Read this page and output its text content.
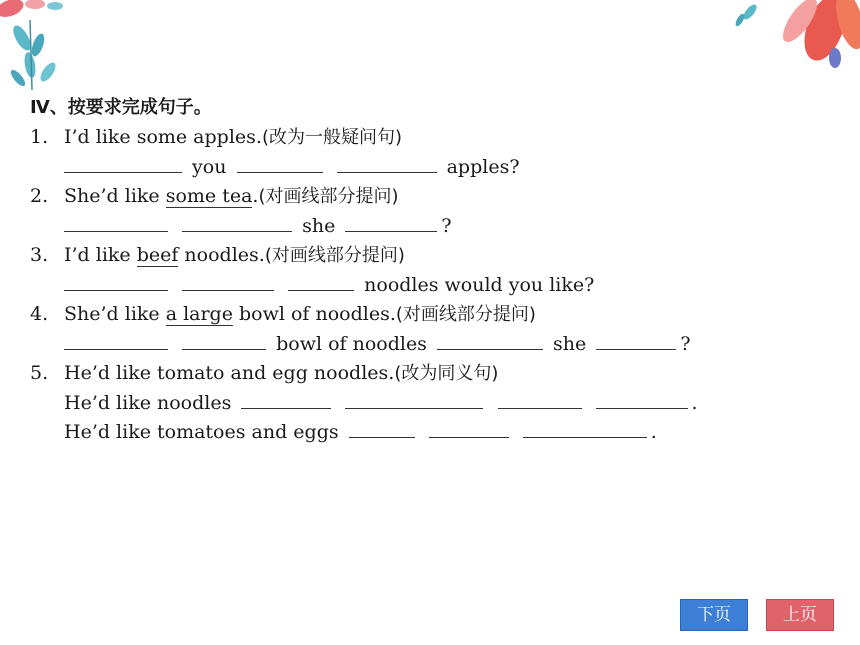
Ⅳ、按要求完成句子。
1. I’d like some apples.(改为一般疑问句)
you	apples?
2. She’d like some tea.(对画线部分提问)
she	?
3. I’d like beef noodles.(对画线部分提问)
noodles would you like?
4. She’d like a large bowl of noodles.(对画线部分提问)
bowl of noodles	she	?
5. He’d like tomato and egg noodles.(改为同义句)
He’d like noodles	.
He’d like tomatoes and eggs	.
下页	上页
